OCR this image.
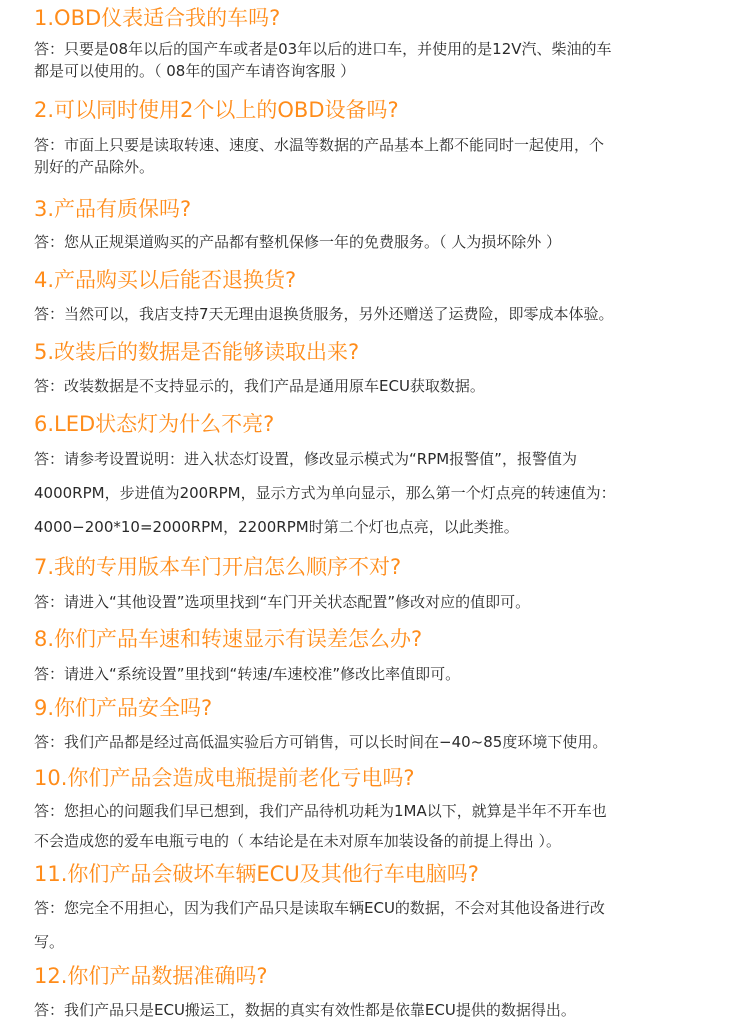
1.OBD仪表适合我的车吗?
答：只要是08年以后的国产车或者是03年以后的进口车，并使用的是12V汽、柴油的车
都是可以使用的。（ 08年的国产车请咨询客服 ）
2.可以同时使用2个以上的OBD设备吗?
答：市面上只要是读取转速、速度、水温等数据的产品基本上都不能同时一起使用，个
别好的产品除外。
3.产品有质保吗?
答：您从正规渠道购买的产品都有整机保修一年的免费服务。（ 人为损坏除外 ）
4.产品购买以后能否退换货?
答：当然可以，我店支持7天无理由退换货服务，另外还赠送了运费险，即零成本体验。
5.改装后的数据是否能够读取出来?
答：改装数据是不支持显示的，我们产品是通用原车ECU获取数据。
6.LED状态灯为什么不亮?
答：请参考设置说明：进入状态灯设置，修改显示模式为“RPM报警值”，报警值为
4000RPM，步进值为200RPM，显示方式为单向显示，那么第一个灯点亮的转速值为：
4000−200*10=2000RPM，2200RPM时第二个灯也点亮，以此类推。
7.我的专用版本车门开启怎么顺序不对?
答：请进入“其他设置”选项里找到“车门开关状态配置”修改对应的值即可。
8.你们产品车速和转速显示有误差怎么办?
答：请进入“系统设置”里找到“转速/车速校准”修改比率值即可。
9.你们产品安全吗?
答：我们产品都是经过高低温实验后方可销售，可以长时间在−40~85度环境下使用。
10.你们产品会造成电瓶提前老化亏电吗?
答：您担心的问题我们早已想到，我们产品待机功耗为1MA以下，就算是半年不开车也
不会造成您的爱车电瓶亏电的（ 本结论是在未对原车加装设备的前提上得出 ）。
11.你们产品会破坏车辆ECU及其他行车电脑吗?
答：您完全不用担心，因为我们产品只是读取车辆ECU的数据，不会对其他设备进行改
写。
12.你们产品数据准确吗?
答：我们产品只是ECU搬运工，数据的真实有效性都是依靠ECU提供的数据得出。
